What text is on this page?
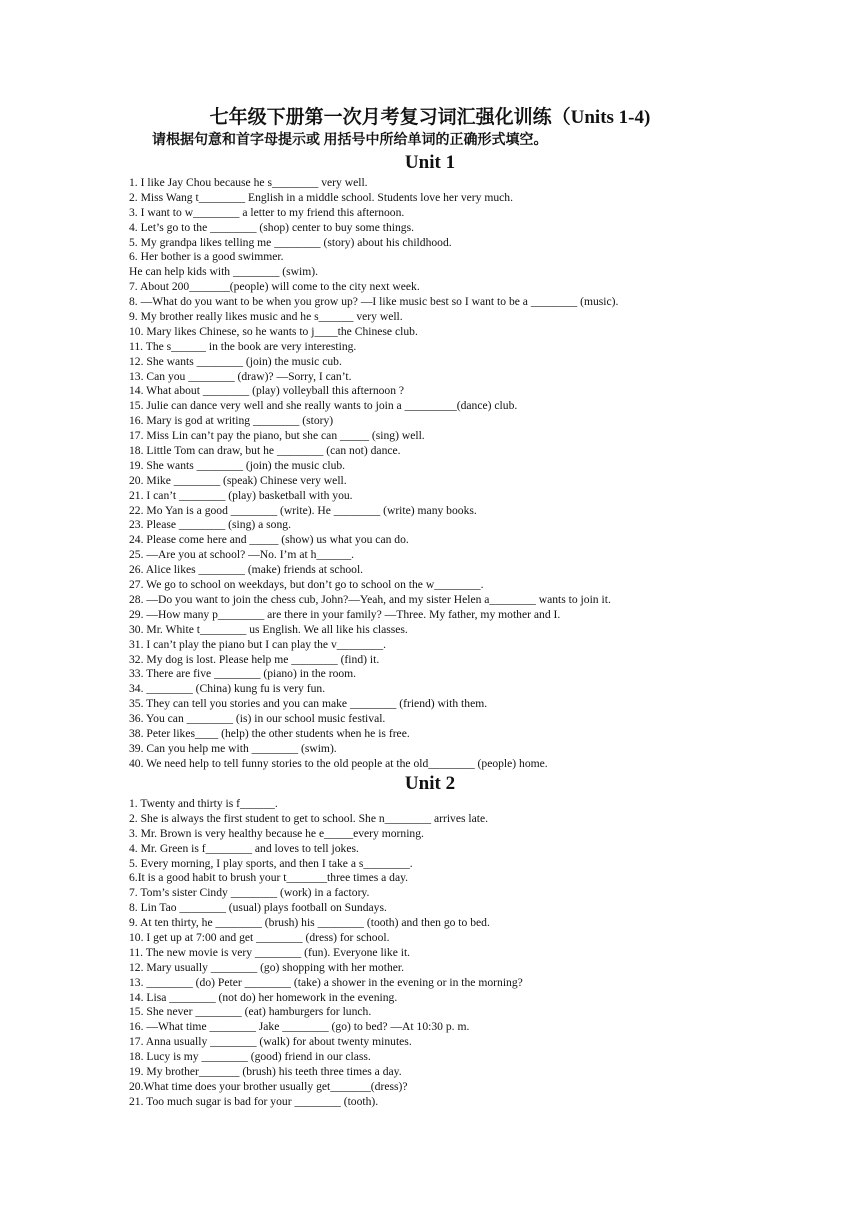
七年级下册第一次月考复习词汇强化训练（Units 1-4)
请根据句意和首字母提示或 用括号中所给单词的正确形式填空。
Unit 1
1. I like Jay Chou because he s________ very well.
2. Miss Wang t________ English in a middle school. Students love her very much.
3. I want to w________ a letter to my friend this afternoon.
4. Let’s go to the ________ (shop) center to buy some things.
5. My grandpa likes telling me ________ (story) about his childhood.
6. Her bother is a good swimmer.
He can help kids with ________ (swim).
7. About 200_______(people) will come to the city next week.
8. —What do you want to be when you grow up? —I like music best so I want to be a ________ (music).
9. My brother really likes music and he s______ very well.
10. Mary likes Chinese, so he wants to j____the Chinese club.
11. The s______ in the book are very interesting.
12. She wants ________ (join) the music cub.
13. Can you ________ (draw)? —Sorry, I can’t.
14. What about ________ (play) volleyball this afternoon ?
15. Julie can dance very well and she really wants to join a _________(dance) club.
16. Mary is god at writing ________ (story)
17. Miss Lin can’t pay the piano, but she can _____ (sing) well.
18. Little Tom can draw, but he ________ (can not) dance.
19. She wants ________ (join) the music club.
20. Mike ________ (speak) Chinese very well.
21. I can’t ________ (play) basketball with you.
22. Mo Yan is a good ________ (write). He ________ (write) many books.
23. Please ________ (sing) a song.
24. Please come here and _____ (show) us what you can do.
25. —Are you at school? —No. I’m at h______.
26. Alice likes ________ (make) friends at school.
27. We go to school on weekdays, but don’t go to school on the w________.
28. —Do you want to join the chess cub, John?—Yeah, and my sister Helen a________ wants to join it.
29. —How many p________ are there in your family? —Three. My father, my mother and I.
30. Mr. White t________ us English. We all like his classes.
31. I can’t play the piano but I can play the v________.
32. My dog is lost. Please help me ________ (find) it.
33. There are five ________ (piano) in the room.
34. ________ (China) kung fu is very fun.
35. They can tell you stories and you can make ________ (friend) with them.
36. You can ________ (is) in our school music festival.
38. Peter likes____ (help) the other students when he is free.
39. Can you help me with ________ (swim).
40. We need help to tell funny stories to the old people at the old________ (people) home.
Unit 2
1. Twenty and thirty is f______.
2. She is always the first student to get to school. She n________ arrives late.
3. Mr. Brown is very healthy because he e_____every morning.
4. Mr. Green is f________ and loves to tell jokes.
5. Every morning, I play sports, and then I take a s________.
6.It is a good habit to brush your t_______three times a day.
7. Tom’s sister Cindy ________ (work) in a factory.
8. Lin Tao ________ (usual) plays football on Sundays.
9. At ten thirty, he ________ (brush) his ________ (tooth) and then go to bed.
10. I get up at 7:00 and get ________ (dress) for school.
11. The new movie is very ________ (fun). Everyone like it.
12. Mary usually ________ (go) shopping with her mother.
13. ________ (do) Peter ________ (take) a shower in the evening or in the morning?
14. Lisa ________ (not do) her homework in the evening.
15. She never ________ (eat) hamburgers for lunch.
16. —What time ________ Jake ________ (go) to bed? —At 10:30 p. m.
17. Anna usually ________ (walk) for about twenty minutes.
18. Lucy is my ________ (good) friend in our class.
19. My brother_______ (brush) his teeth three times a day.
20.What time does your brother usually get_______(dress)?
21. Too much sugar is bad for your ________ (tooth).
